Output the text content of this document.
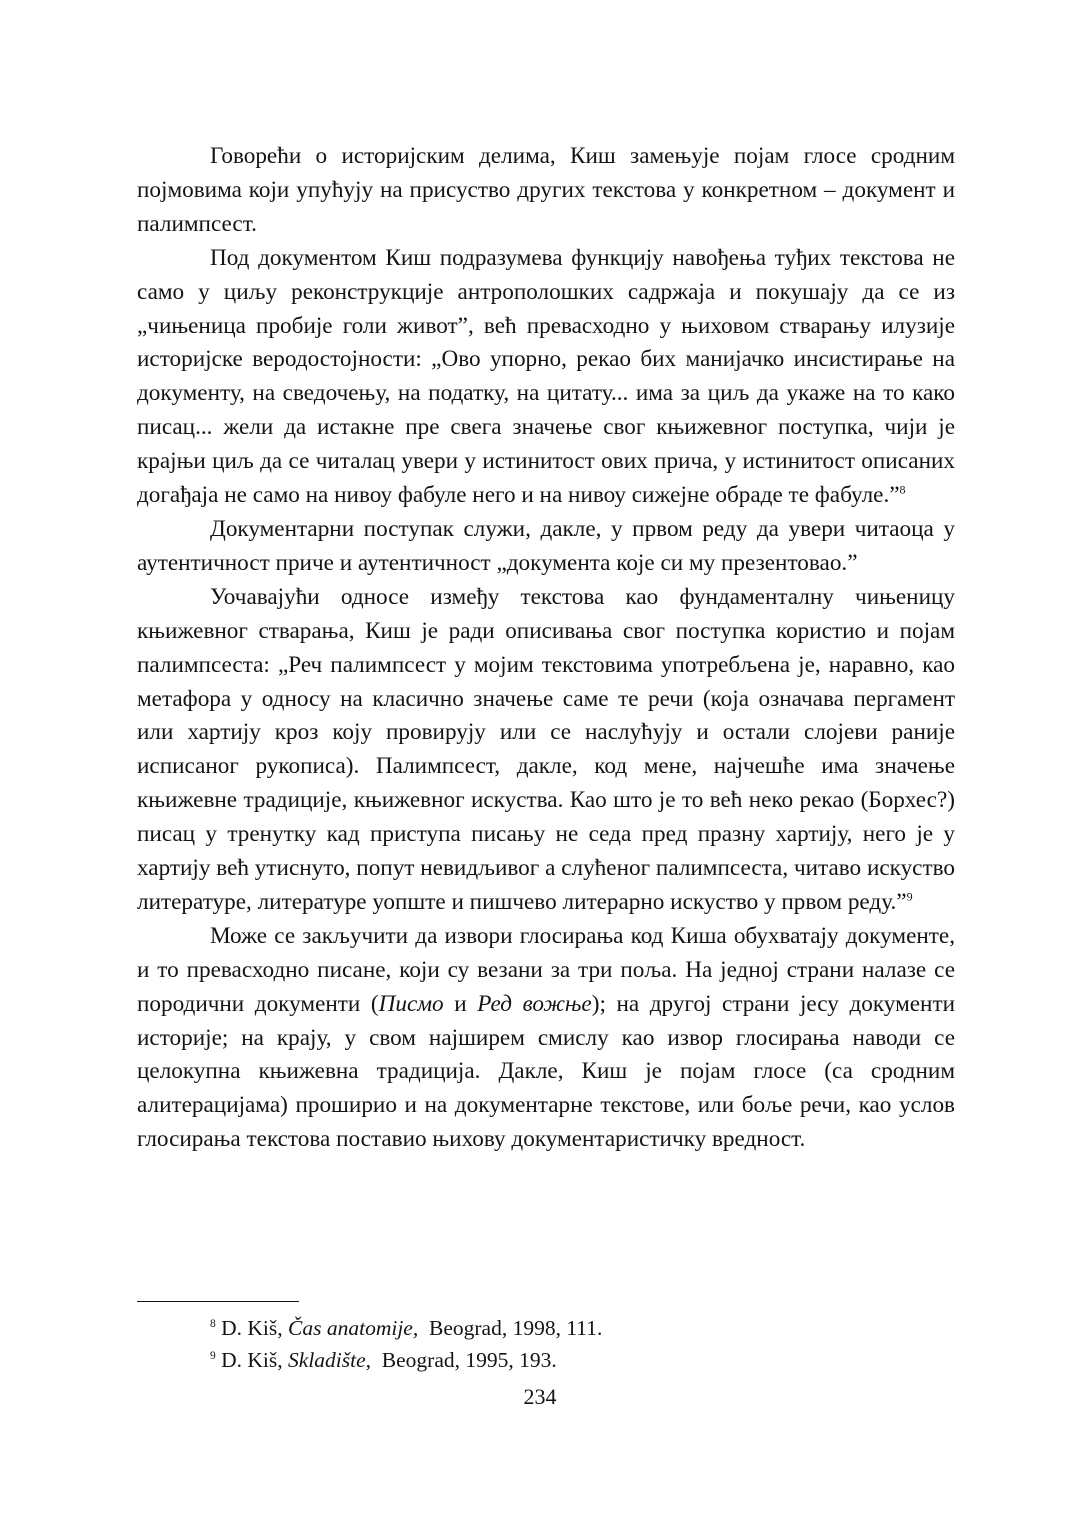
Говорећи о историјским делима, Киш замењује појам глосе сродним појмовима који упућују на присуство других текстова у конкретном – документ и палимпсест.

Под документом Киш подразумева функцију навођења туђих текстова не само у циљу реконструкције антрополошких садржаја и покушају да се из „чињеница пробије голи живот”, већ превасходно у њиховом стварању илузије историјске веродостојности: „Ово упорно, рекао бих манијачко инсистирање на документу, на сведочењу, на податку, на цитату... има за циљ да укаже на то како писац... жели да истакне пре свега значење свог књижевног поступка, чији је крајњи циљ да се читалац увери у истинитост ових прича, у истинитост описаних догађаја не само на нивоу фабуле него и на нивоу сижејне обраде те фабуле.”$^8$

Документарни поступак служи, дакле, у првом реду да увери читаоца у аутентичност приче и аутентичност „документа које си му презентовао.”

Уочавајући односе између текстова као фундаменталну чињеницу књижевног стварања, Киш је ради описивања свог поступка користио и појам палимпсеста: „Реч палимпсест у мојим текстовима употребљена је, наравно, као метафора у односу на класично значење саме те речи (која означава пергамент или хартију кроз коју провирују или се наслућују и остали слојеви раније исписаног рукописа). Палимпсест, дакле, код мене, најчешће има значење књижевне традиције, књижевног искуства. Као што је то већ неко рекао (Борхес?) писац у тренутку кад приступа писању не седа пред празну хартију, него је у хартију већ утиснуто, попут невидљивог а слућеног палимпсеста, читаво искуство литературе, литературе уопште и пишчево литерарно искуство у првом реду.”$^9$

Може се закључити да извори глосирања код Киша обухватају документе, и то превасходно писане, који су везани за три поља. На једној страни налазе се породични документи (Писмо и Ред вожње); на другој страни јесу документи историје; на крају, у свом најширем смислу као извор глосирања наводи се целокупна књижевна традиција. Дакле, Киш је појам глосе (са сродним алитерацијама) проширио и на документарне текстове, или боље речи, као услов глосирања текстова поставио њихову документаристичку вредност.

$^8$ D. Kiš, Čas anatomije,  Beograd, 1998, 111.

$^9$ D. Kiš, Skladište,  Beograd, 1995, 193.

234
